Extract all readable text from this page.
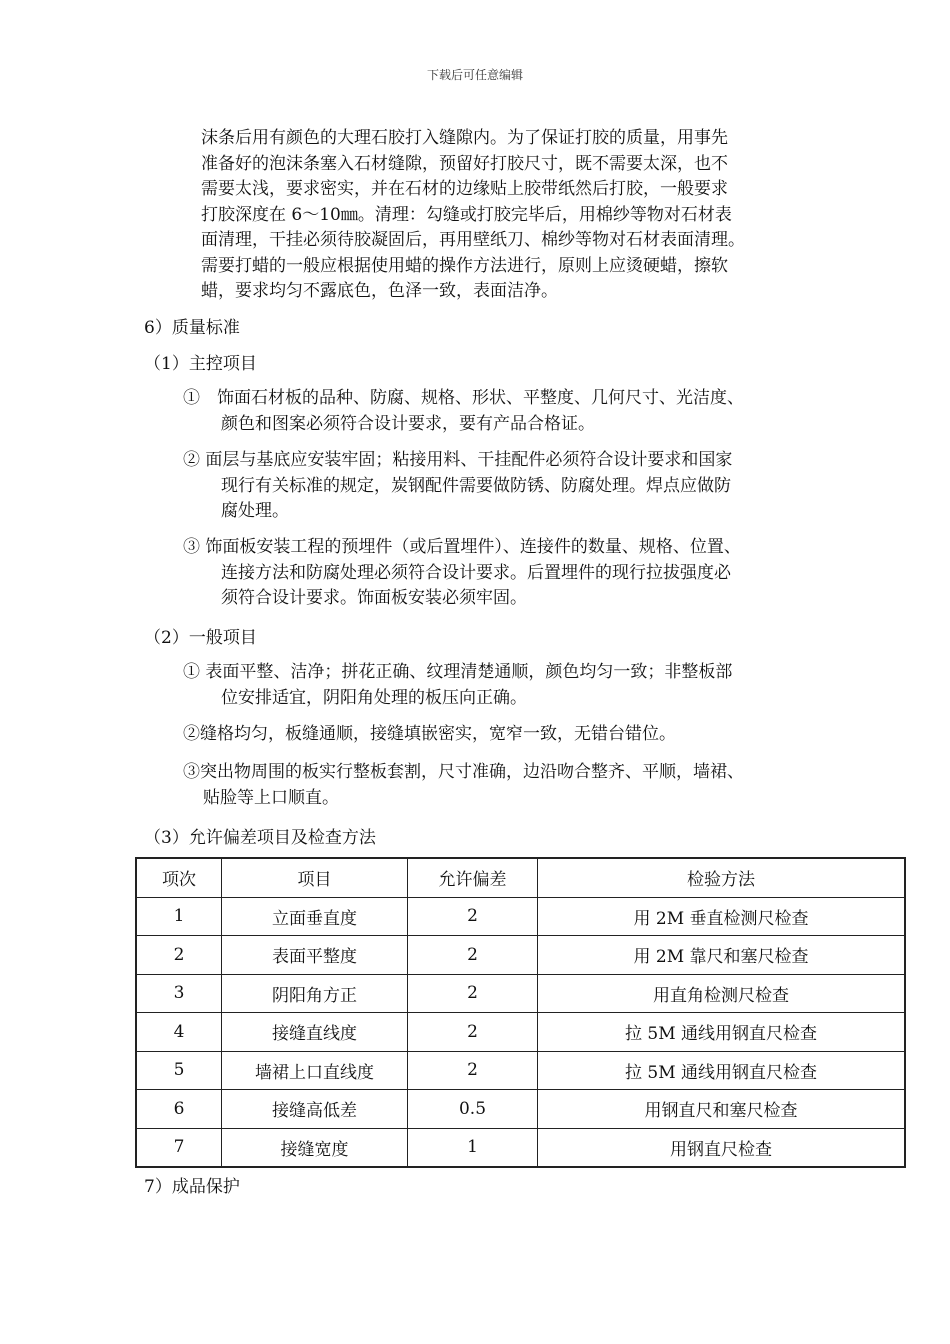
下载后可任意编辑
沫条后用有颜色的大理石胶打入缝隙内。为了保证打胶的质量，用事先
准备好的泡沫条塞入石材缝隙，预留好打胶尺寸，既不需要太深，也不
需要太浅，要求密实，并在石材的边缘贴上胶带纸然后打胶，一般要求
打胶深度在 6～10㎜。清理：勾缝或打胶完毕后，用棉纱等物对石材表
面清理，干挂必须待胶凝固后，再用壁纸刀、棉纱等物对石材表面清理。
需要打蜡的一般应根据使用蜡的操作方法进行，原则上应烫硬蜡，擦软
蜡，要求均匀不露底色，色泽一致，表面洁净。
6）质量标准
（1）主控项目
①　饰面石材板的品种、防腐、规格、形状、平整度、几何尺寸、光洁度、
颜色和图案必须符合设计要求，要有产品合格证。
② 面层与基底应安装牢固；粘接用料、干挂配件必须符合设计要求和国家
现行有关标准的规定，炭钢配件需要做防锈、防腐处理。焊点应做防
腐处理。
③ 饰面板安装工程的预埋件（或后置埋件）、连接件的数量、规格、位置、
连接方法和防腐处理必须符合设计要求。后置埋件的现行拉拔强度必
须符合设计要求。饰面板安装必须牢固。
（2）一般项目
① 表面平整、洁净；拼花正确、纹理清楚通顺，颜色均匀一致；非整板部
位安排适宜，阴阳角处理的板压向正确。
②缝格均匀，板缝通顺，接缝填嵌密实，宽窄一致，无错台错位。
③突出物周围的板实行整板套割，尺寸准确，边沿吻合整齐、平顺，墙裙、
贴脸等上口顺直。
（3）允许偏差项目及检查方法
项次	项目	允许偏差	检验方法
1	立面垂直度	2	用 2M 垂直检测尺检查
2	表面平整度	2	用 2M 靠尺和塞尺检查
3	阴阳角方正	2	用直角检测尺检查
4	接缝直线度	2	拉 5M 通线用钢直尺检查
5	墙裙上口直线度	2	拉 5M 通线用钢直尺检查
6	接缝高低差	0.5	用钢直尺和塞尺检查
7	接缝宽度	1	用钢直尺检查
7）成品保护
